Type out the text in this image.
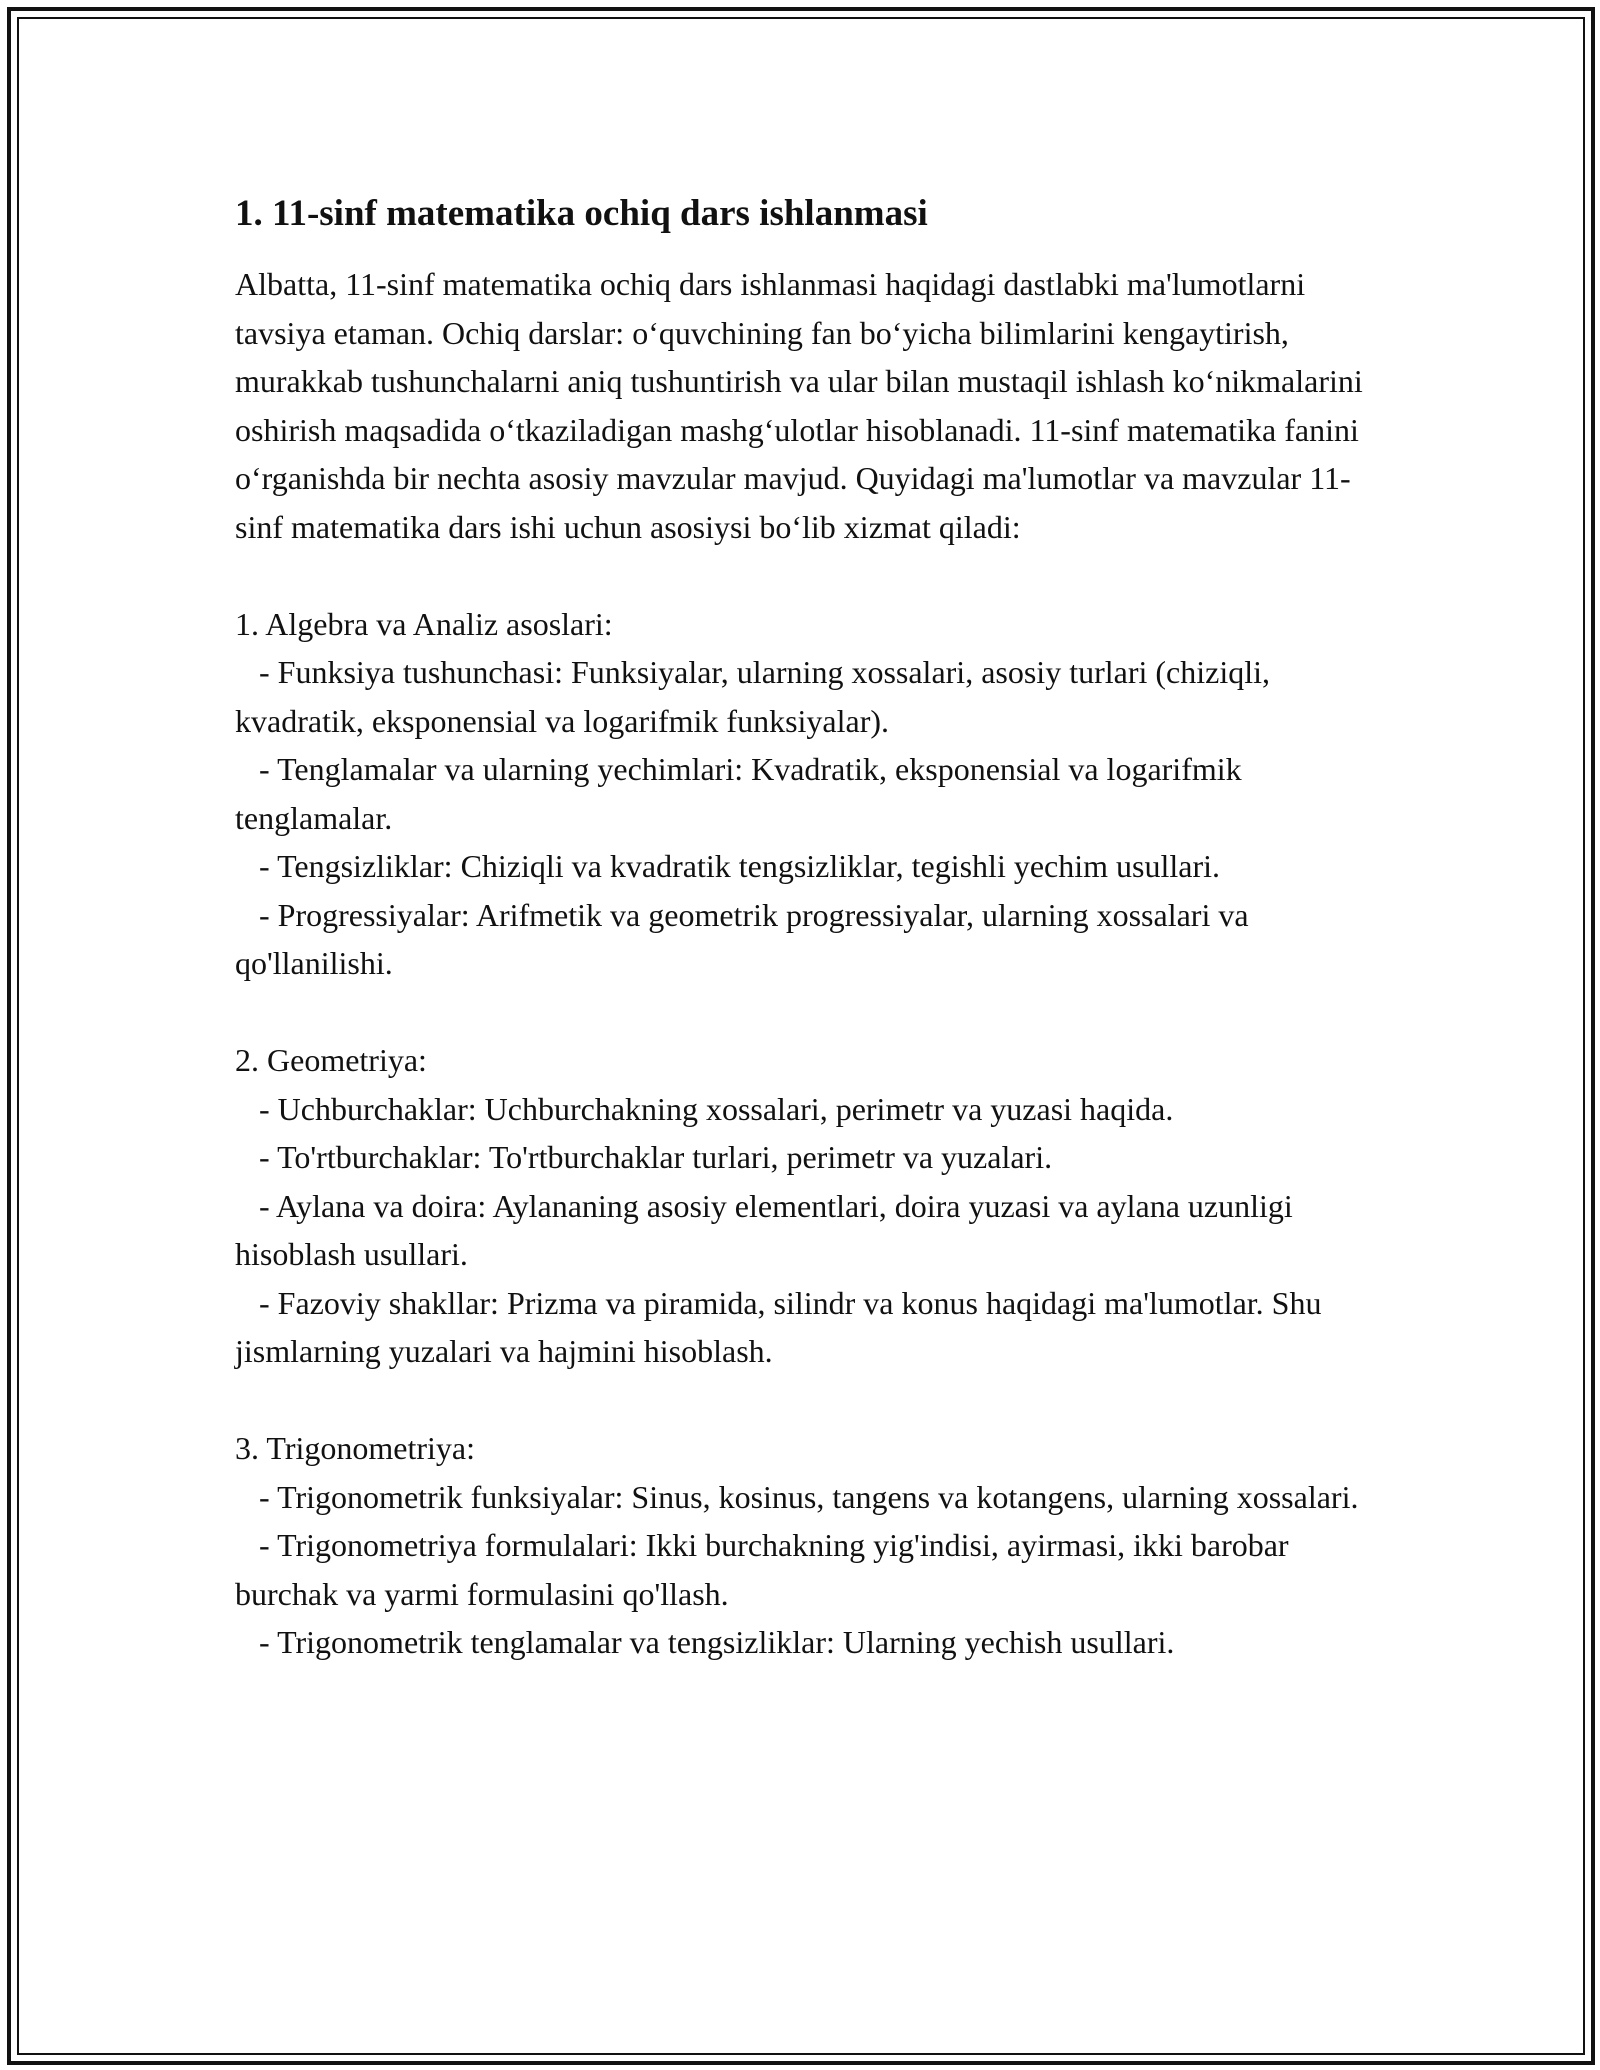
1. 11-sinf matematika ochiq dars ishlanmasi

Albatta, 11-sinf matematika ochiq dars ishlanmasi haqidagi dastlabki ma'lumotlarni tavsiya etaman. Ochiq darslar: o‘quvchining fan bo‘yicha bilimlarini kengaytirish, murakkab tushunchalarni aniq tushuntirish va ular bilan mustaqil ishlash ko‘nikmalarini oshirish maqsadida o‘tkaziladigan mashg‘ulotlar hisoblanadi. 11-sinf matematika fanini o‘rganishda bir nechta asosiy mavzular mavjud. Quyidagi ma'lumotlar va mavzular 11-sinf matematika dars ishi uchun asosiysi bo‘lib xizmat qiladi:

1. Algebra va Analiz asoslari:

- Funksiya tushunchasi: Funksiyalar, ularning xossalari, asosiy turlari (chiziqli, kvadratik, eksponensial va logarifmik funksiyalar).

- Tenglamalar va ularning yechimlari: Kvadratik, eksponensial va logarifmik tenglamalar.

- Tengsizliklar: Chiziqli va kvadratik tengsizliklar, tegishli yechim usullari.

- Progressiyalar: Arifmetik va geometrik progressiyalar, ularning xossalari va qo'llanilishi.

2. Geometriya:

- Uchburchaklar: Uchburchakning xossalari, perimetr va yuzasi haqida.

- To'rtburchaklar: To'rtburchaklar turlari, perimetr va yuzalari.

- Aylana va doira: Aylananing asosiy elementlari, doira yuzasi va aylana uzunligi hisoblash usullari.

- Fazoviy shakllar: Prizma va piramida, silindr va konus haqidagi ma'lumotlar. Shu jismlarning yuzalari va hajmini hisoblash.

3. Trigonometriya:

- Trigonometrik funksiyalar: Sinus, kosinus, tangens va kotangens, ularning xossalari.

- Trigonometriya formulalari: Ikki burchakning yig'indisi, ayirmasi, ikki barobar burchak va yarmi formulasini qo'llash.

- Trigonometrik tenglamalar va tengsizliklar: Ularning yechish usullari.
